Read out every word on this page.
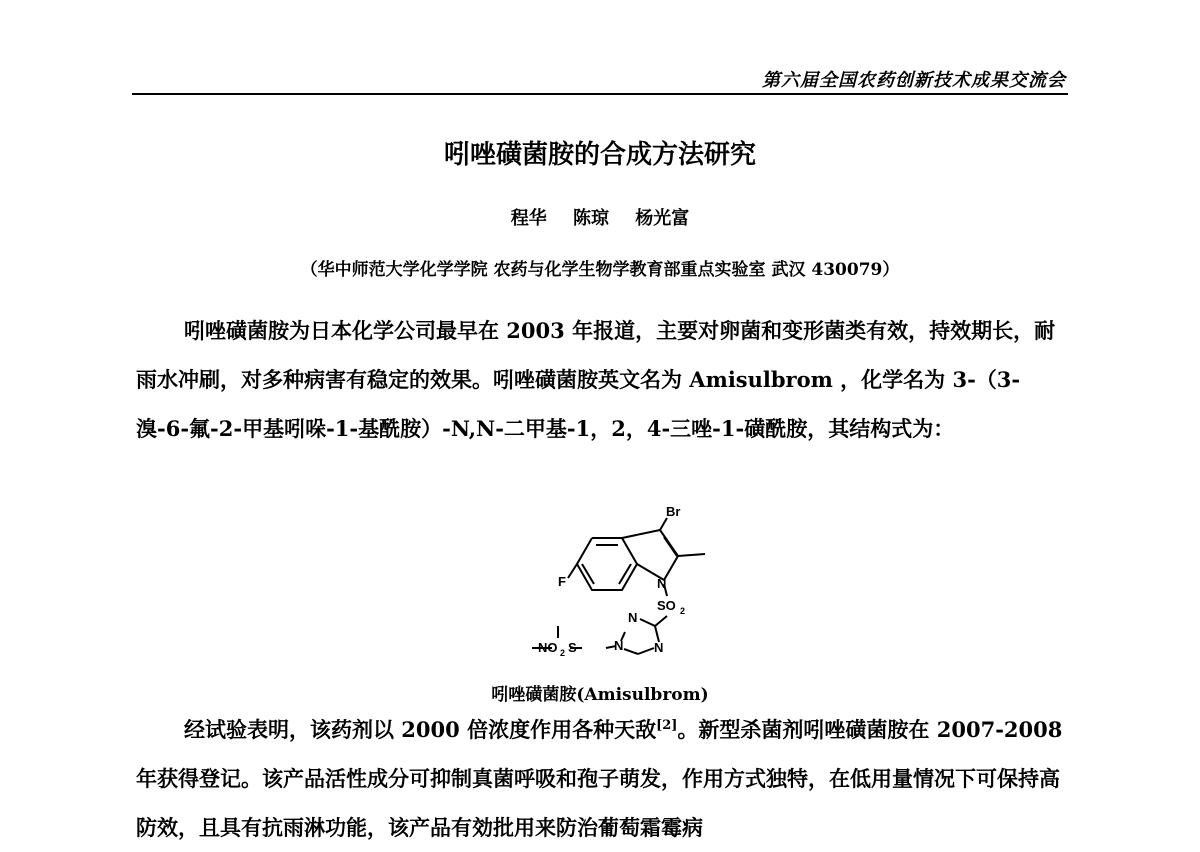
第六届全国农药创新技术成果交流会
吲唑磺菌胺的合成方法研究
程华 陈琼 杨光富
（华中师范大学化学学院 农药与化学生物学教育部重点实验室 武汉 430079）
吲唑磺菌胺为日本化学公司最早在 2003 年报道，主要对卵菌和变形菌类有效，持效期长，耐雨水冲刷，对多种病害有稳定的效果。吲唑磺菌胺英文名为 Amisulbrom ，化学名为 3-（3-溴-6-氟-2-甲基吲哚-1-基酰胺）-N,N-二甲基-1，2，4-三唑-1-磺酰胺，其结构式为：
Br
F	N
SO 2
N
N N
NO 2 S
吲唑磺菌胺(Amisulbrom)
经试验表明，该药剂以 2000 倍浓度作用各种天敌[2]。新型杀菌剂吲唑磺菌胺在 2007-2008 年获得登记。该产品活性成分可抑制真菌呼吸和孢子萌发，作用方式独特，在低用量情况下可保持高防效，且具有抗雨淋功能，该产品有効批用来防治葡萄霜霉病
